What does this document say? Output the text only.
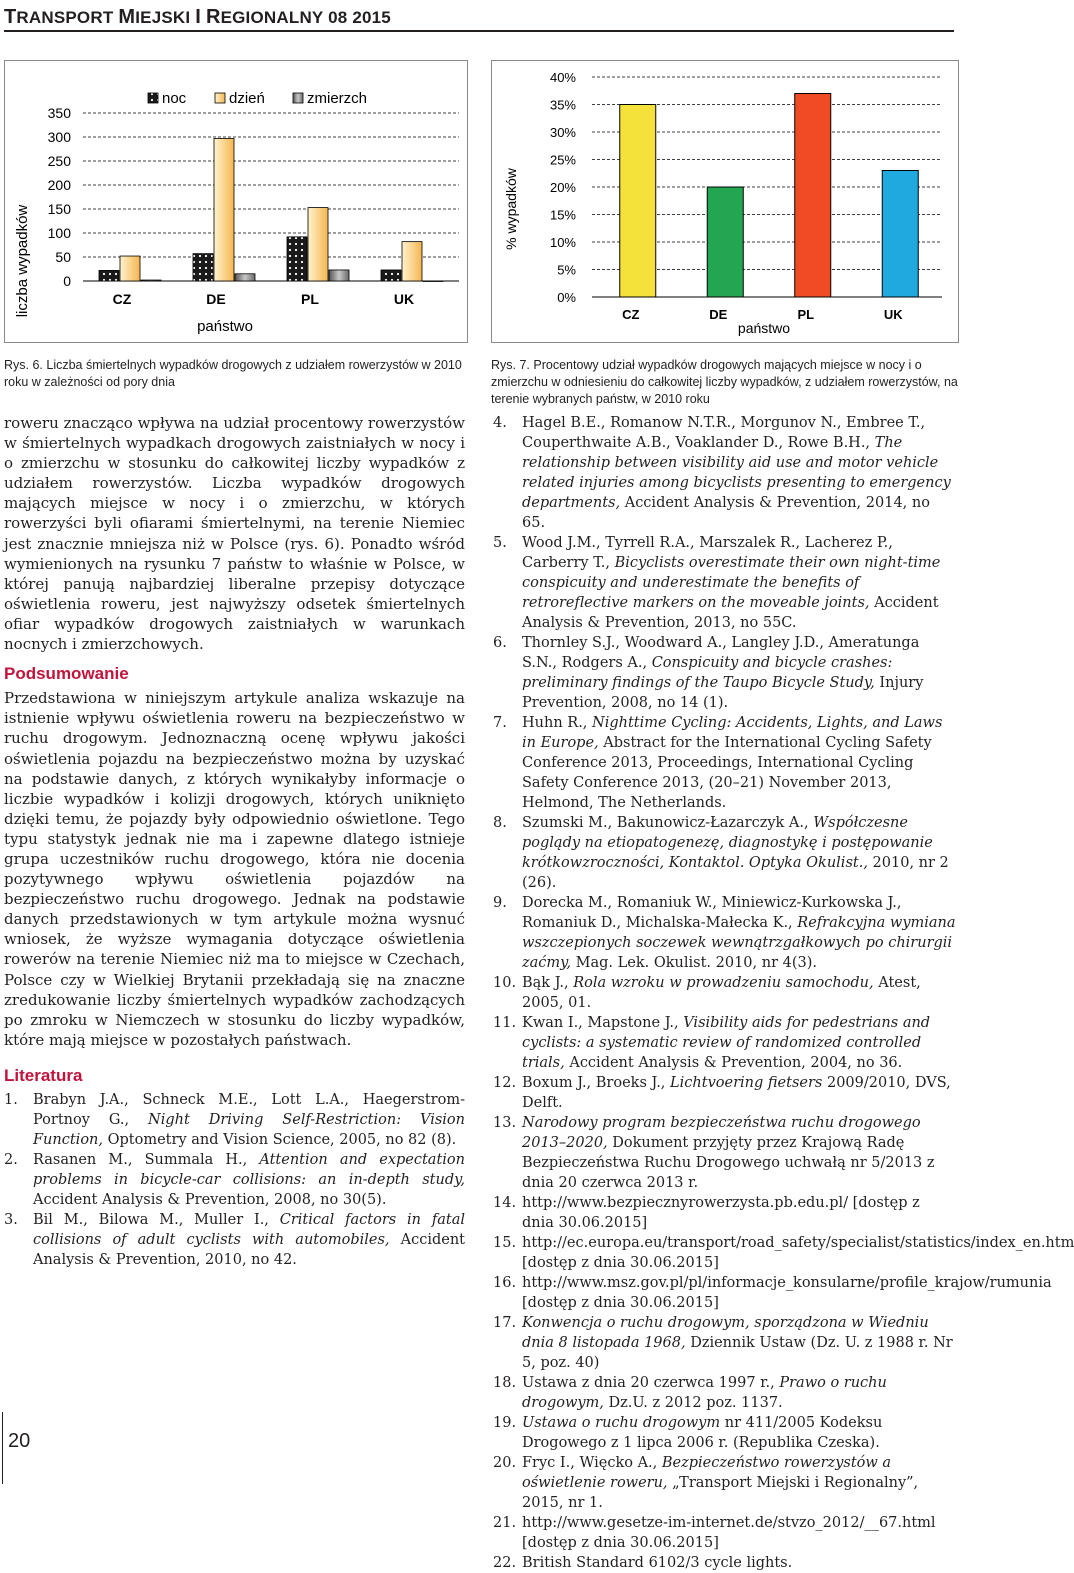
TRANSPORT MIEJSKI I REGIONALNY 08 2015
noc	dzień	zmierzch
350
300
250
200
150
100
50
0
CZ	DE	PL	UK
państwo
liczba wypadków
Rys. 6. Liczba śmiertelnych wypadków drogowych z udziałem rowerzystów w 2010 roku w zależności od pory dnia
40%
35%
30%
25%
20%
15%
10%
5%
0%
CZ	DE	PL	UK
państwo
% wypadków
Rys. 7. Procentowy udział wypadków drogowych mających miejsce w nocy i o zmierzchu w odniesieniu do całkowitej liczby wypadków, z udziałem rowerzystów, na terenie wybranych państw, w 2010 roku

roweru znacząco wpływa na udział procentowy rowerzystów w śmiertelnych wypadkach drogowych zaistniałych w nocy i o zmierzchu w stosunku do całkowitej liczby wypadków z udziałem rowerzystów. Liczba wypadków drogowych mających miejsce w nocy i o zmierzchu, w których rowerzyści byli ofiarami śmiertelnymi, na terenie Niemiec jest znacznie mniejsza niż w Polsce (rys. 6). Ponadto wśród wymienionych na rysunku 7 państw to właśnie w Polsce, w której panują najbardziej liberalne przepisy dotyczące oświetlenia roweru, jest najwyższy odsetek śmiertelnych ofiar wypadków drogowych zaistniałych w warunkach nocnych i zmierzchowych.

Podsumowanie

Przedstawiona w niniejszym artykule analiza wskazuje na istnienie wpływu oświetlenia roweru na bezpieczeństwo w ruchu drogowym. Jednoznaczną ocenę wpływu jakości oświetlenia pojazdu na bezpieczeństwo można by uzyskać na podstawie danych, z których wynikałyby informacje o liczbie wypadków i kolizji drogowych, których uniknięto dzięki temu, że pojazdy były odpowiednio oświetlone. Tego typu statystyk jednak nie ma i zapewne dlatego istnieje grupa uczestników ruchu drogowego, która nie docenia pozytywnego wpływu oświetlenia pojazdów na bezpieczeństwo ruchu drogowego. Jednak na podstawie danych przedstawionych w tym artykule można wysnuć wniosek, że wyższe wymagania dotyczące oświetlenia rowerów na terenie Niemiec niż ma to miejsce w Czechach, Polsce czy w Wielkiej Brytanii przekładają się na znaczne zredukowanie liczby śmiertelnych wypadków zachodzących po zmroku w Niemczech w stosunku do liczby wypadków, które mają miejsce w pozostałych państwach.

Literatura

1. Brabyn J.A., Schneck M.E., Lott L.A., Haegerstrom-Portnoy G., Night Driving Self-Restriction: Vision Function, Optometry and Vision Science, 2005, no 82 (8).

2. Rasanen M., Summala H., Attention and expectation problems in bicycle-car collisions: an in-depth study, Accident Analysis & Prevention, 2008, no 30(5).

3. Bil M., Bilowa M., Muller I., Critical factors in fatal collisions of adult cyclists with automobiles, Accident Analysis & Prevention, 2010, no 42.

4. Hagel B.E., Romanow N.T.R., Morgunov N., Embree T., Couperthwaite A.B., Voaklander D., Rowe B.H., The relationship between visibility aid use and motor vehicle related injuries among bicyclists presenting to emergency departments, Accident Analysis & Prevention, 2014, no 65.

5. Wood J.M., Tyrrell R.A., Marszalek R., Lacherez P., Carberry T., Bicyclists overestimate their own night-time conspicuity and underestimate the benefits of retroreflective markers on the moveable joints, Accident Analysis & Prevention, 2013, no 55C.

6. Thornley S.J., Woodward A., Langley J.D., Ameratunga S.N., Rodgers A., Conspicuity and bicycle crashes: preliminary findings of the Taupo Bicycle Study, Injury Prevention, 2008, no 14 (1).

7. Huhn R., Nighttime Cycling: Accidents, Lights, and Laws in Europe, Abstract for the International Cycling Safety Conference 2013, Proceedings, International Cycling Safety Conference 2013, (20–21) November 2013, Helmond, The Netherlands.

8. Szumski M., Bakunowicz-Łazarczyk A., Współczesne poglądy na etiopatogenezę, diagnostykę i postępowanie krótkowzroczności, Kontaktol. Optyka Okulist., 2010, nr 2 (26).

9. Dorecka M., Romaniuk W., Miniewicz-Kurkowska J., Romaniuk D., Michalska-Małecka K., Refrakcyjna wymiana wszczepionych soczewek wewnątrzgałkowych po chirurgii zaćmy, Mag. Lek. Okulist. 2010, nr 4(3).

10. Bąk J., Rola wzroku w prowadzeniu samochodu, Atest, 2005, 01.

11. Kwan I., Mapstone J., Visibility aids for pedestrians and cyclists: a systematic review of randomized controlled trials, Accident Analysis & Prevention, 2004, no 36.

12. Boxum J., Broeks J., Lichtvoering fietsers 2009/2010, DVS, Delft.

13. Narodowy program bezpieczeństwa ruchu drogowego 2013–2020, Dokument przyjęty przez Krajową Radę Bezpieczeństwa Ruchu Drogowego uchwałą nr 5/2013 z dnia 20 czerwca 2013 r.

14. http://www.bezpiecznyrowerzysta.pb.edu.pl/ [dostęp z dnia 30.06.2015]

15. http://ec.europa.eu/transport/road_safety/specialist/statistics/index_en.htm [dostęp z dnia 30.06.2015]

16. http://www.msz.gov.pl/pl/informacje_konsularne/profile_krajow/rumunia [dostęp z dnia 30.06.2015]

17. Konwencja o ruchu drogowym, sporządzona w Wiedniu dnia 8 listopada 1968, Dziennik Ustaw (Dz. U. z 1988 r. Nr 5, poz. 40)

18. Ustawa z dnia 20 czerwca 1997 r., Prawo o ruchu drogowym, Dz.U. z 2012 poz. 1137.

19. Ustawa o ruchu drogowym nr 411/2005 Kodeksu Drogowego z 1 lipca 2006 r. (Republika Czeska).

20. Fryc I., Więcko A., Bezpieczeństwo rowerzystów a oświetlenie roweru, „Transport Miejski i Regionalny”, 2015, nr 1.

21. http://www.gesetze-im-internet.de/stvzo_2012/__67.html [dostęp z dnia 30.06.2015]

22. British Standard 6102/3 cycle lights.

20
